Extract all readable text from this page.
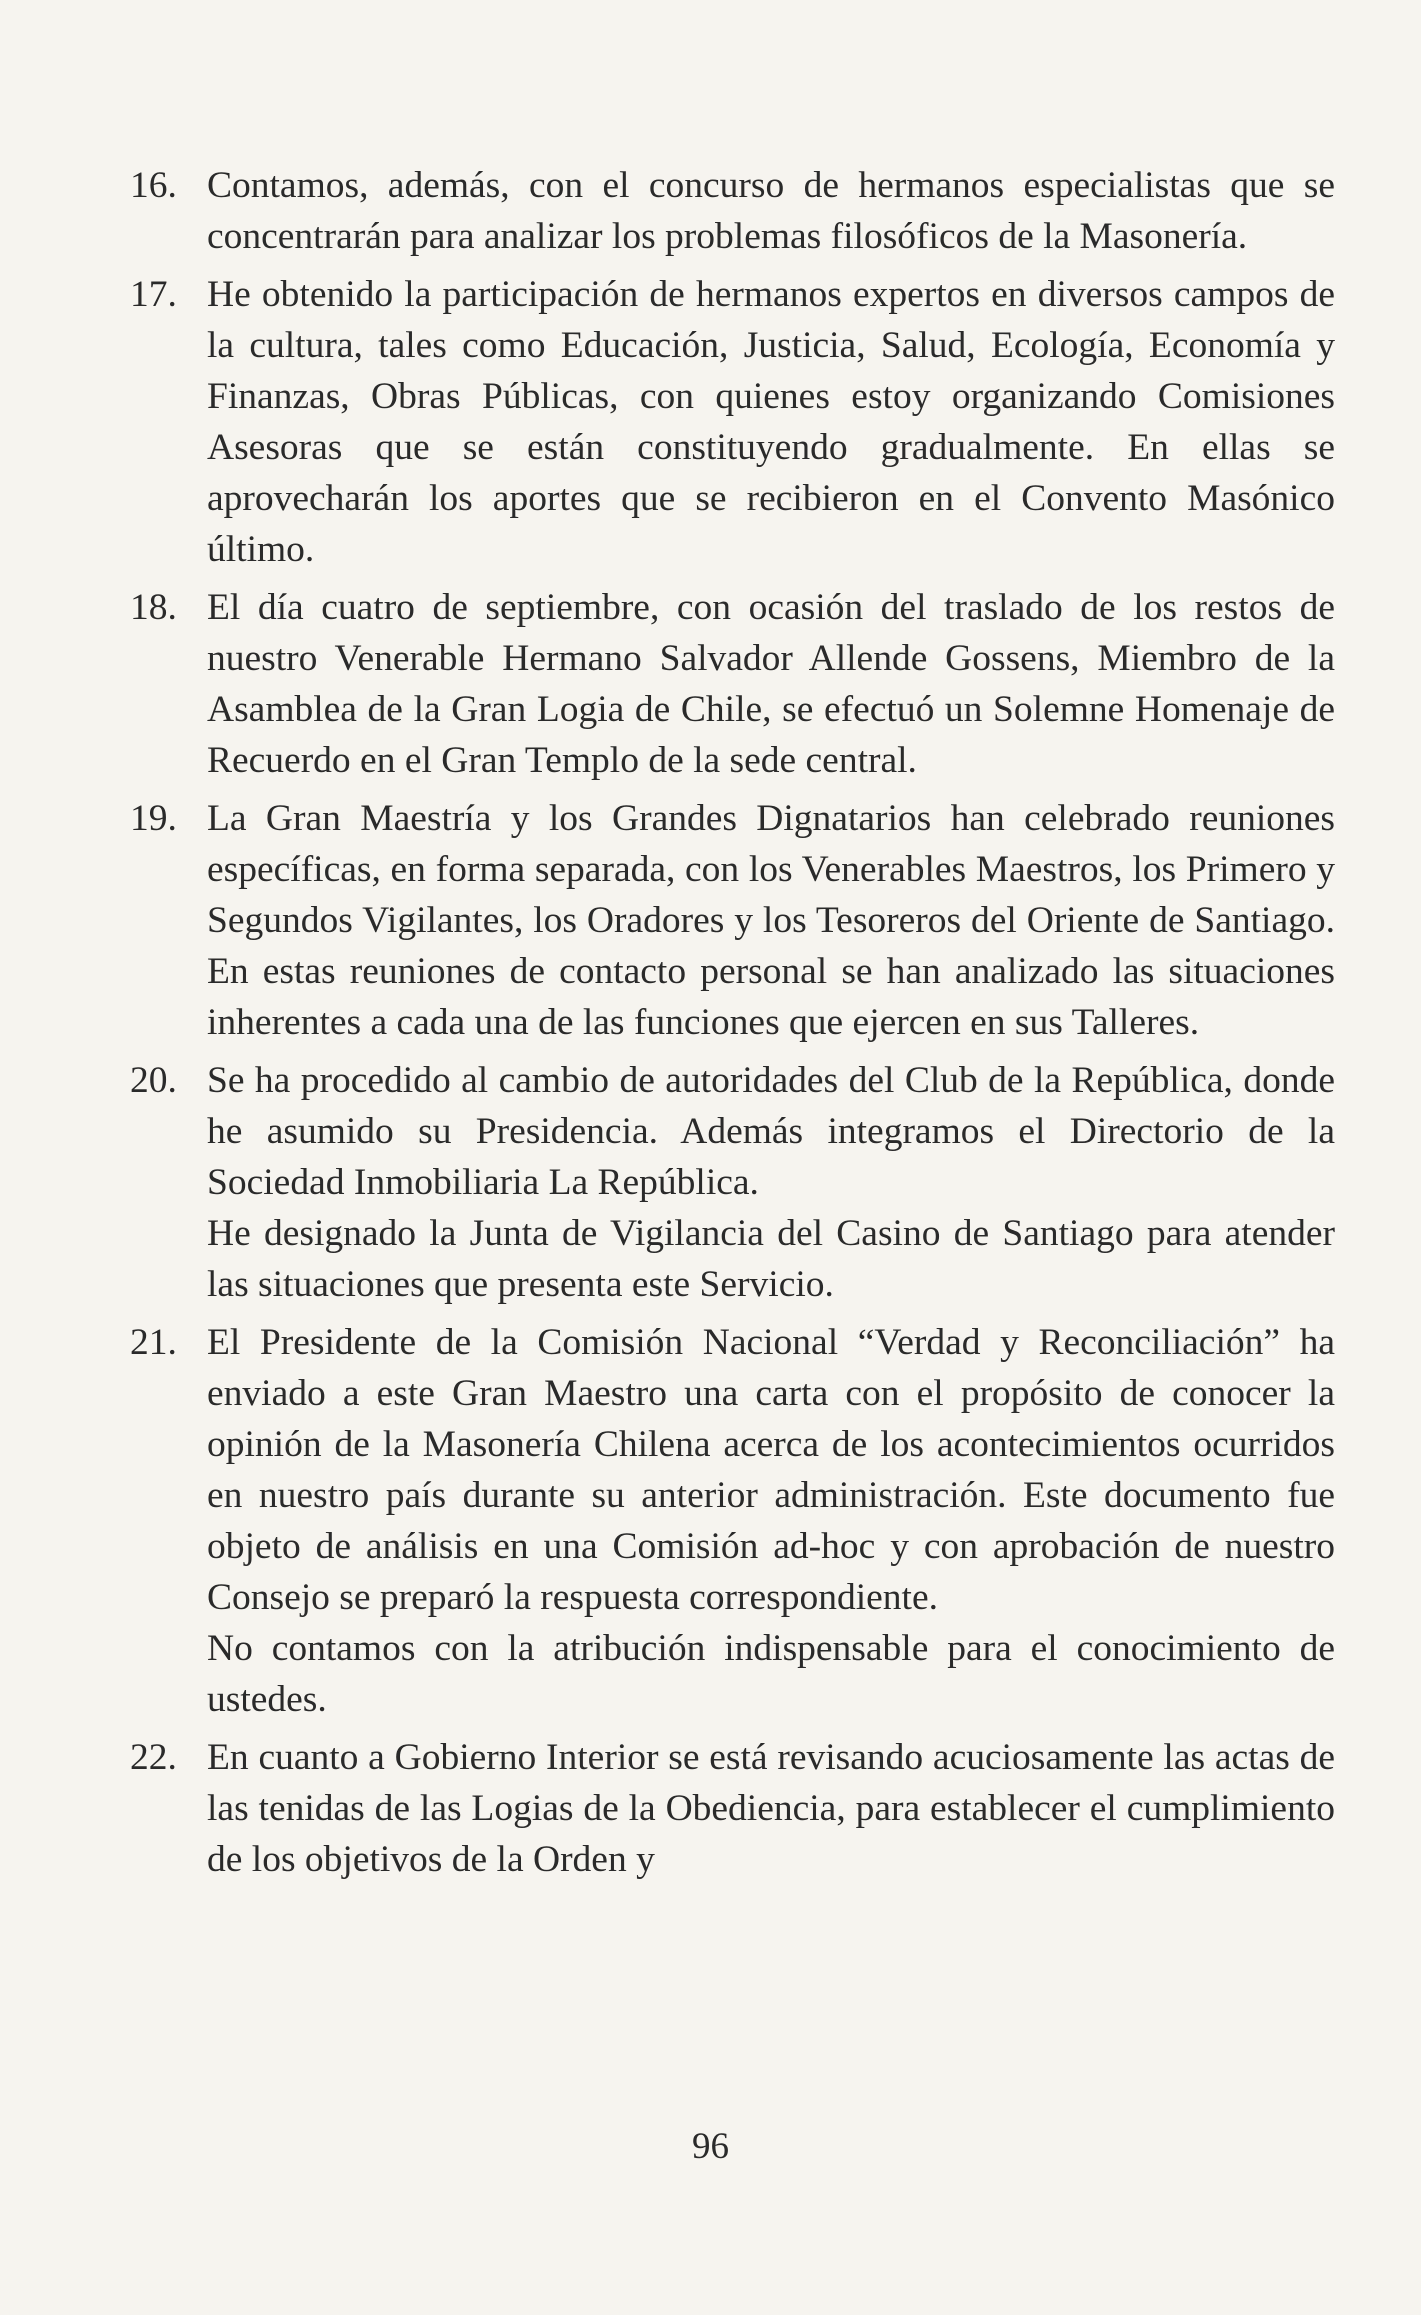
16. Contamos, además, con el concurso de hermanos especialistas que se concentrarán para analizar los problemas filosóficos de la Masonería.

17. He obtenido la participación de hermanos expertos en diversos campos de la cultura, tales como Educación, Justicia, Salud, Ecología, Economía y Finanzas, Obras Públicas, con quienes estoy organizando Comisiones Asesoras que se están constituyendo gradualmente. En ellas se aprovecharán los aportes que se recibieron en el Convento Masónico último.

18. El día cuatro de septiembre, con ocasión del traslado de los restos de nuestro Venerable Hermano Salvador Allende Gossens, Miembro de la Asamblea de la Gran Logia de Chile, se efectuó un Solemne Homenaje de Recuerdo en el Gran Templo de la sede central.

19. La Gran Maestría y los Grandes Dignatarios han celebrado reuniones específicas, en forma separada, con los Venerables Maestros, los Primero y Segundos Vigilantes, los Oradores y los Tesoreros del Oriente de Santiago. En estas reuniones de contacto personal se han analizado las situaciones inherentes a cada una de las funciones que ejercen en sus Talleres.

20. Se ha procedido al cambio de autoridades del Club de la República, donde he asumido su Presidencia. Además integramos el Directorio de la Sociedad Inmobiliaria La República.

He designado la Junta de Vigilancia del Casino de Santiago para atender las situaciones que presenta este Servicio.

21. El Presidente de la Comisión Nacional “Verdad y Reconciliación” ha enviado a este Gran Maestro una carta con el propósito de conocer la opinión de la Masonería Chilena acerca de los acontecimientos ocurridos en nuestro país durante su anterior administración. Este documento fue objeto de análisis en una Comisión ad-hoc y con aprobación de nuestro Consejo se preparó la respuesta correspondiente.

No contamos con la atribución indispensable para el conocimiento de ustedes.

22. En cuanto a Gobierno Interior se está revisando acuciosamente las actas de las tenidas de las Logias de la Obediencia, para establecer el cumplimiento de los objetivos de la Orden y

96
